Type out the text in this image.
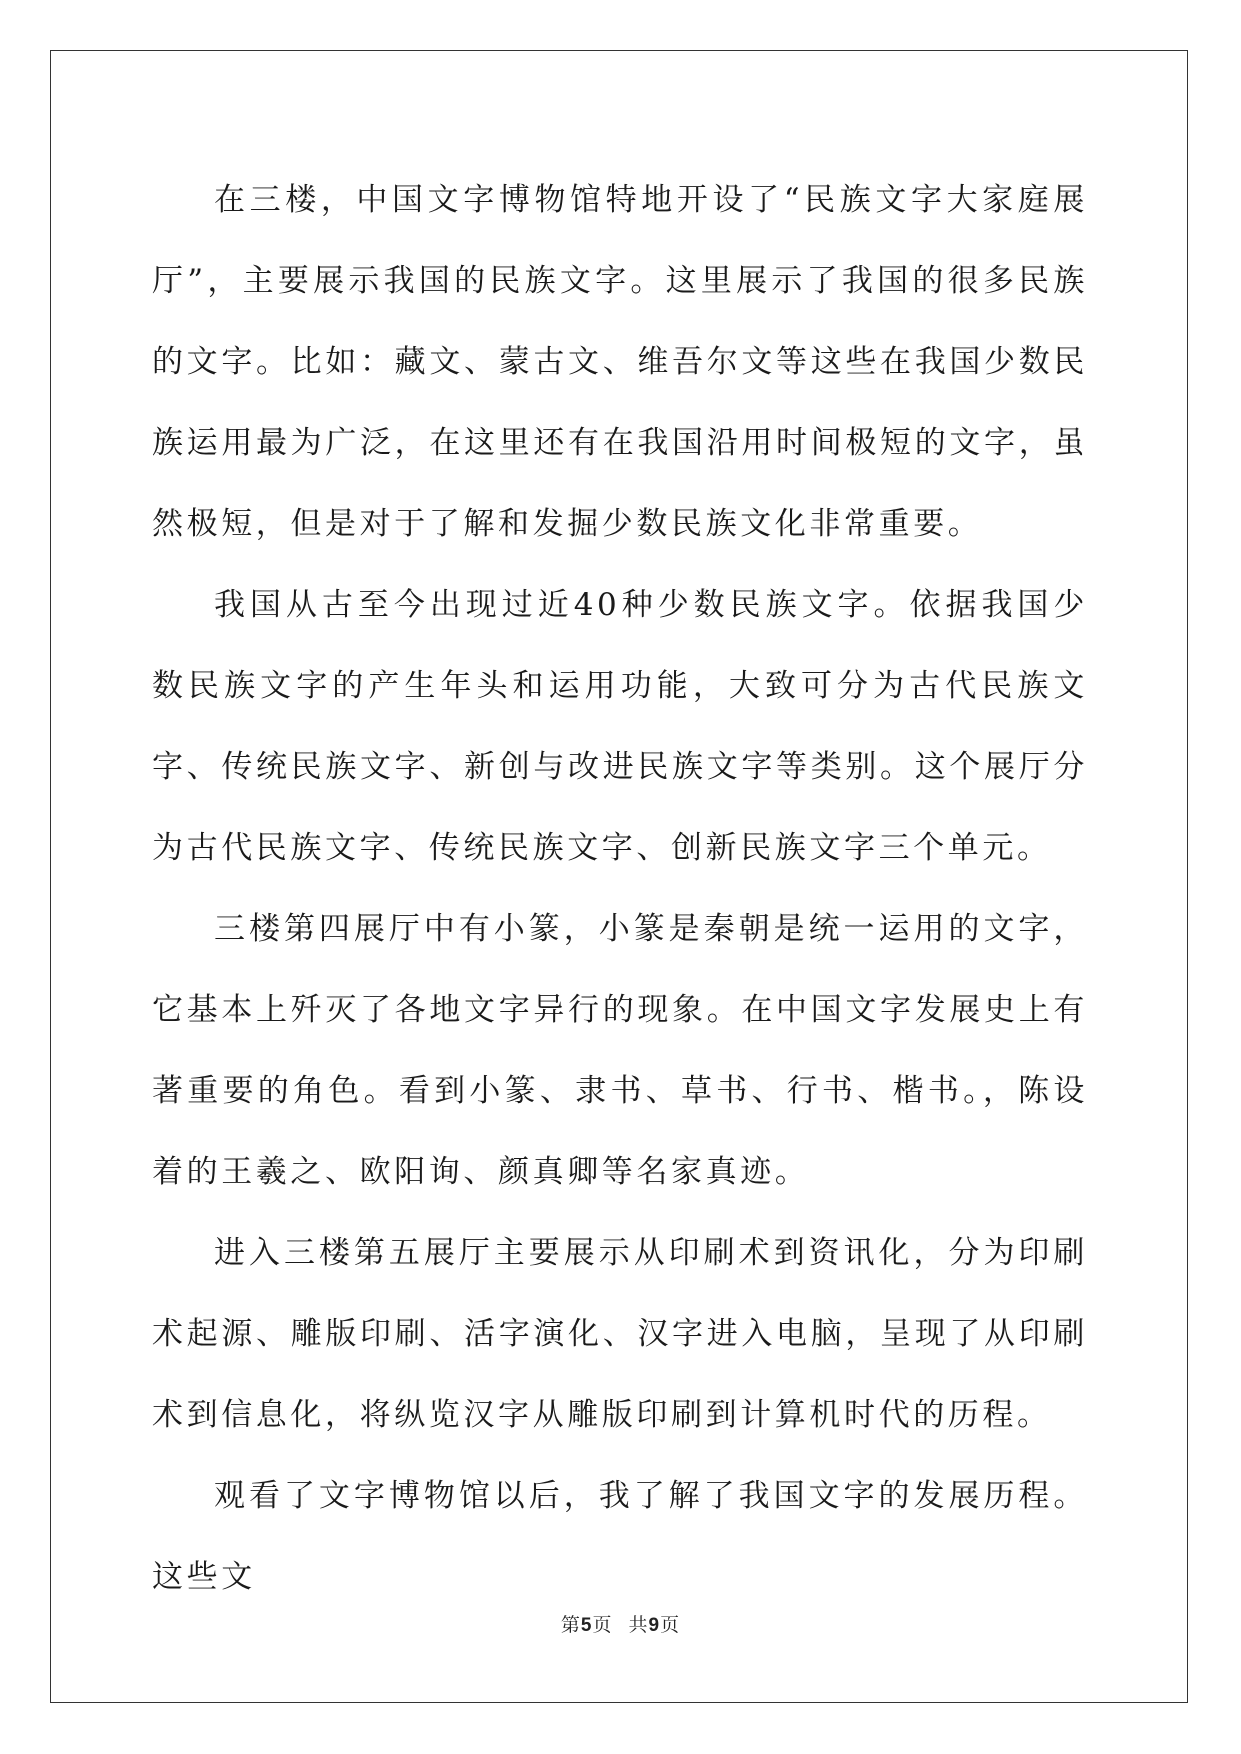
在三楼，中国文字博物馆特地开设了“民族文字大家庭展厅”，主要展示我国的民族文字。这里展示了我国的很多民族的文字。比如：藏文、蒙古文、维吾尔文等这些在我国少数民族运用最为广泛，在这里还有在我国沿用时间极短的文字，虽然极短，但是对于了解和发掘少数民族文化非常重要。

我国从古至今出现过近40种少数民族文字。依据我国少数民族文字的产生年头和运用功能，大致可分为古代民族文字、传统民族文字、新创与改进民族文字等类别。这个展厅分为古代民族文字、传统民族文字、创新民族文字三个单元。

三楼第四展厅中有小篆，小篆是秦朝是统一运用的文字，它基本上歼灭了各地文字异行的现象。在中国文字发展史上有著重要的角色。看到小篆、隶书、草书、行书、楷书。，陈设着的王羲之、欧阳询、颜真卿等名家真迹。

进入三楼第五展厅主要展示从印刷术到资讯化，分为印刷术起源、雕版印刷、活字演化、汉字进入电脑，呈现了从印刷术到信息化，将纵览汉字从雕版印刷到计算机时代的历程。

观看了文字博物馆以后，我了解了我国文字的发展历程。这些文

第5页 共9页
